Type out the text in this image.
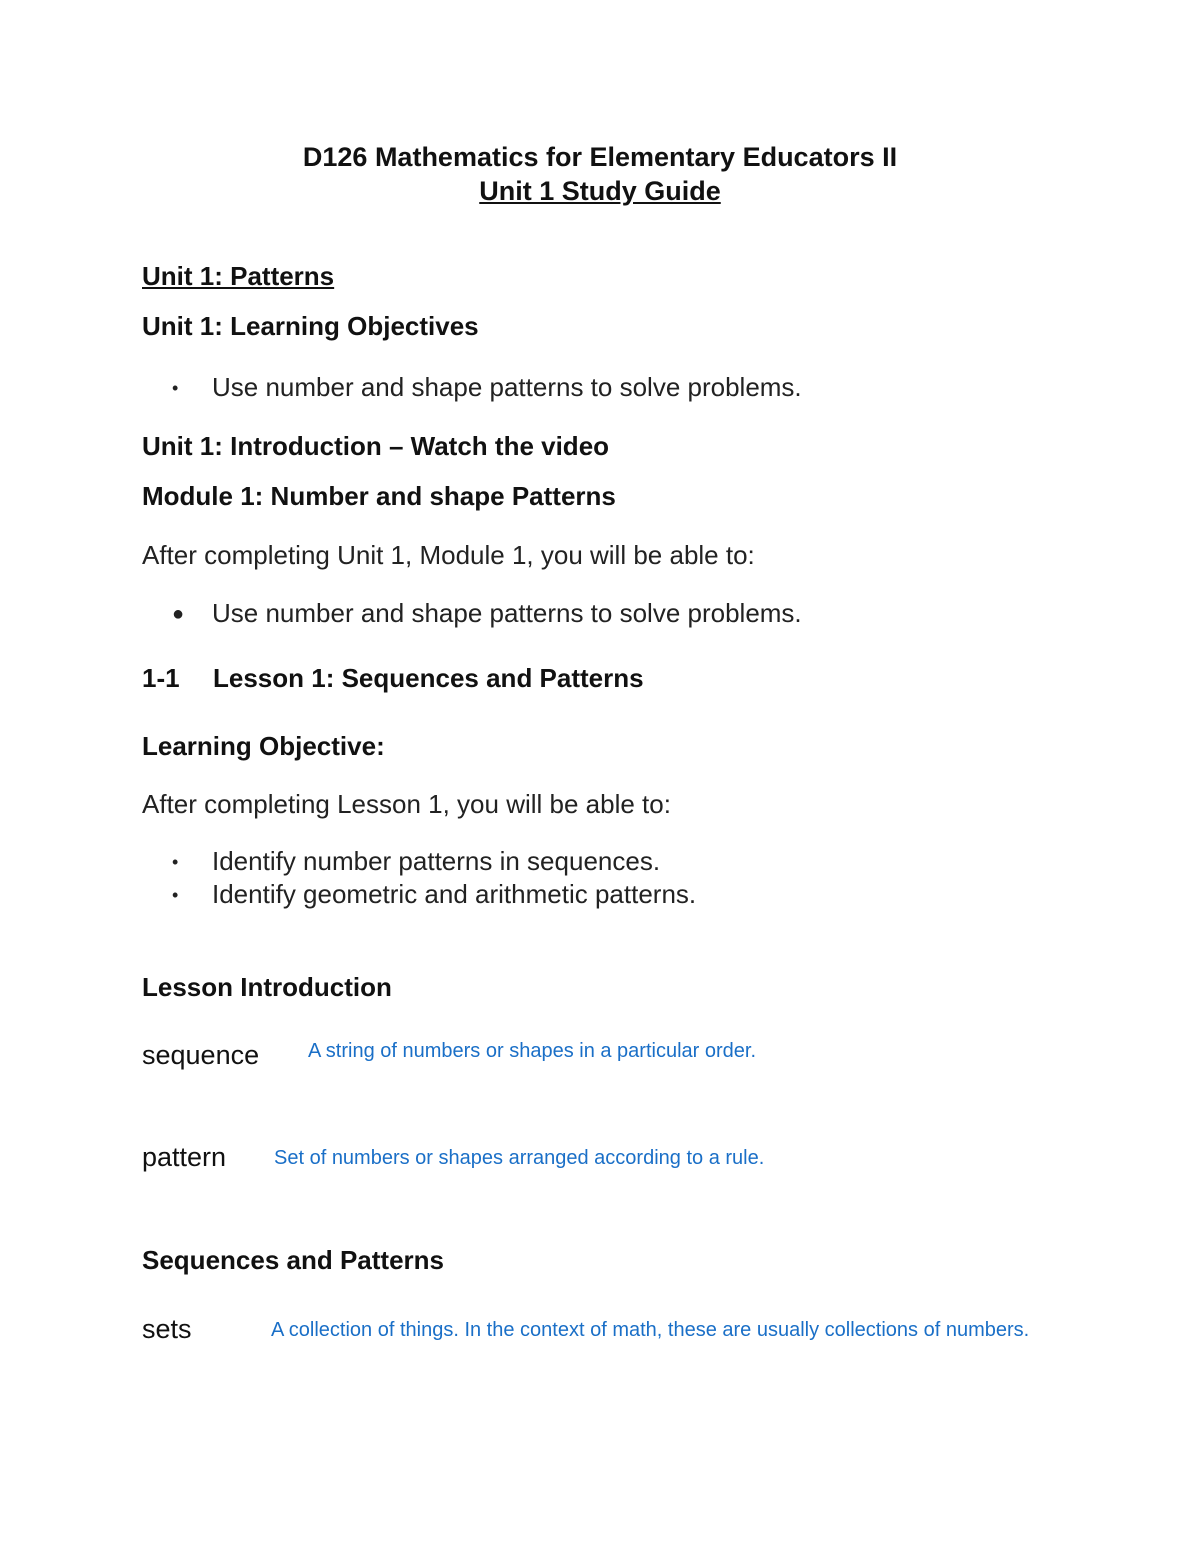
D126 Mathematics for Elementary Educators II
Unit 1 Study Guide
Unit 1: Patterns
Unit 1: Learning Objectives
• Use number and shape patterns to solve problems.
Unit 1: Introduction – Watch the video
Module 1: Number and shape Patterns
After completing Unit 1, Module 1, you will be able to:
● Use number and shape patterns to solve problems.
1-1 Lesson 1: Sequences and Patterns
Learning Objective:
After completing Lesson 1, you will be able to:
• Identify number patterns in sequences.
• Identify geometric and arithmetic patterns.
Lesson Introduction
sequence A string of numbers or shapes in a particular order.
pattern Set of numbers or shapes arranged according to a rule.
Sequences and Patterns
sets	A collection of things. In the context of math, these are usually collections of numbers.
